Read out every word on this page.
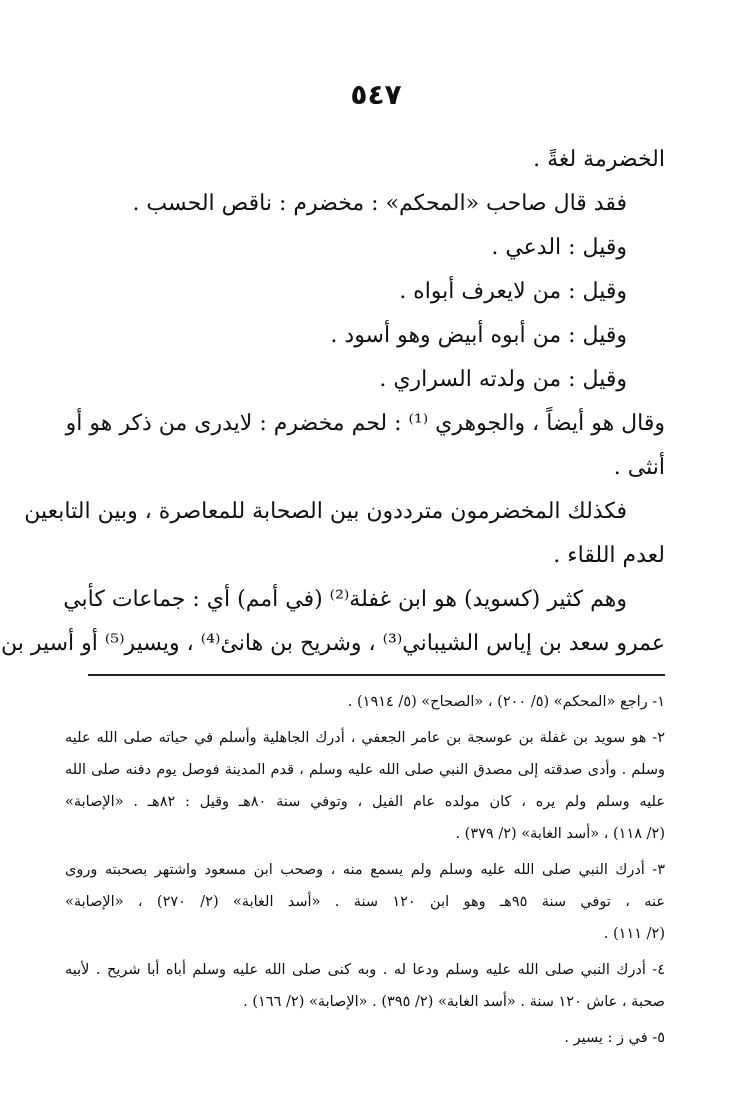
٥٤٧
الخضرمة لغةً .
فقد قال صاحب «المحكم» : مخضرم : ناقص الحسب .
وقيل : الدعي .
وقيل : من لايعرف أبواه .
وقيل : من أبوه أبيض وهو أسود .
وقيل : من ولدته السراري .
وقال هو أيضاً ، والجوهري ⁽¹⁾ : لحم مخضرم : لايدرى من ذكر هو أو
أنثى .
فكذلك المخضرمون مترددون بين الصحابة للمعاصرة ، وبين التابعين
لعدم اللقاء .
وهم كثير (كسويد) هو ابن غفلة⁽²⁾ (في أمم) أي : جماعات كأبي
عمرو سعد بن إياس الشيباني⁽³⁾ ، وشريح بن هانئ⁽⁴⁾ ، ويسير⁽⁵⁾ أو أسير بن
١- راجع «المحكم» (٥/ ٢٠٠) ، «الصحاح» (٥/ ١٩١٤) .
٢- هو سويد بن غفلة بن عوسجة بن عامر الجعفي ، أدرك الجاهلية وأسلم في حياته صلى الله عليه
وسلم . وأدى صدقته إلى مصدق النبي صلى الله عليه وسلم ، قدم المدينة فوصل يوم دفنه صلى الله
عليه وسلم ولم يره ، كان مولده عام الفيل ، وتوفي سنة ٨٠هـ وقيل : ٨٢هـ . «الإصابة»
(٢/ ١١٨) ، «أسد الغابة» (٢/ ٣٧٩) .
٣- أدرك النبي صلى الله عليه وسلم ولم يسمع منه ، وصحب ابن مسعود واشتهر بصحبته وروى
عنه ، توفي سنة ٩٥هـ وهو ابن ١٢٠ سنة . «أسد الغابة» (٢/ ٢٧٠) ، «الإصابة»
(٢/ ١١١) .
٤- أدرك النبي صلى الله عليه وسلم ودعا له . وبه كنى صلى الله عليه وسلم أباه أبا شريح . لأبيه
صحبة ، عاش ١٢٠ سنة . «أسد الغابة» (٢/ ٣٩٥) . «الإصابة» (٢/ ١٦٦) .
٥- في ز : يسير .
